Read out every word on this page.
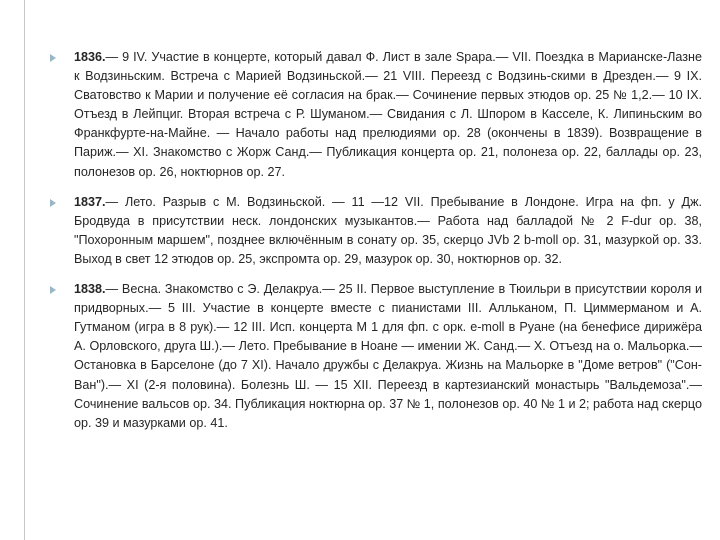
1836.— 9 IV. Участие в концерте, который давал Ф. Лист в зале Spapa.— VII. Поездка в Марианске-Лазне к Водзиньским. Встреча с Марией Водзиньской.— 21 VIII. Переезд с Водзинь-скими в Дрезден.— 9 IX. Сватовство к Марии и получение её согласия на брак.— Сочинение первых этюдов ор. 25 № 1,2.— 10 IX. Отъезд в Лейпциг. Вторая встреча с Р. Шуманом.— Свидания с Л. Шпором в Касселе, К. Липиньским во Франкфурте-на-Майне. — Начало работы над прелюдиями ор. 28 (окончены в 1839). Возвращение в Париж.— XI. Знакомство с Жорж Санд.— Публикация концерта ор. 21, полонеза ор. 22, баллады ор. 23, полонезов ор. 26, ноктюрнов ор. 27.
1837.— Лето. Разрыв с М. Водзиньской. — 11 —12 VII. Пребывание в Лондоне. Игра на фп. у Дж. Бродвуда в присутствии неск. лондонских музыкантов.— Работа над балладой № 2 F-dur ор. 38, "Похоронным маршем", позднее включённым в сонату ор. 35, скерцо JVb 2 b-moll ор. 31, мазуркой ор. 33. Выход в свет 12 этюдов ор. 25, экспромта ор. 29, мазурок ор. 30, ноктюрнов ор. 32.
1838.— Весна. Знакомство с Э. Делакруа.— 25 II. Первое выступление в Тюильри в присутствии короля и придворных.— 5 III. Участие в концерте вместе с пианистами III. Алльканом, П. Циммерманом и А. Гутманом (игра в 8 рук).— 12 III. Исп. концерта М 1 для фп. с орк. e-moll в Руане (на бенефисе дирижёра А. Орловского, друга Ш.).— Лето. Пребывание в Ноане — имении Ж. Санд.— X. Отъезд на о. Мальорка.— Остановка в Барселоне (до 7 XI). Начало дружбы с Делакруа. Жизнь на Мальорке в "Доме ветров" ("Сон-Ван").— XI (2-я половина). Болезнь Ш. — 15 XII. Переезд в картезианский монастырь "Вальдемоза".— Сочинение вальсов ор. 34. Публикация ноктюрна ор. 37 № 1, полонезов ор. 40 № 1 и 2; работа над скерцо ор. 39 и мазурками ор. 41.
